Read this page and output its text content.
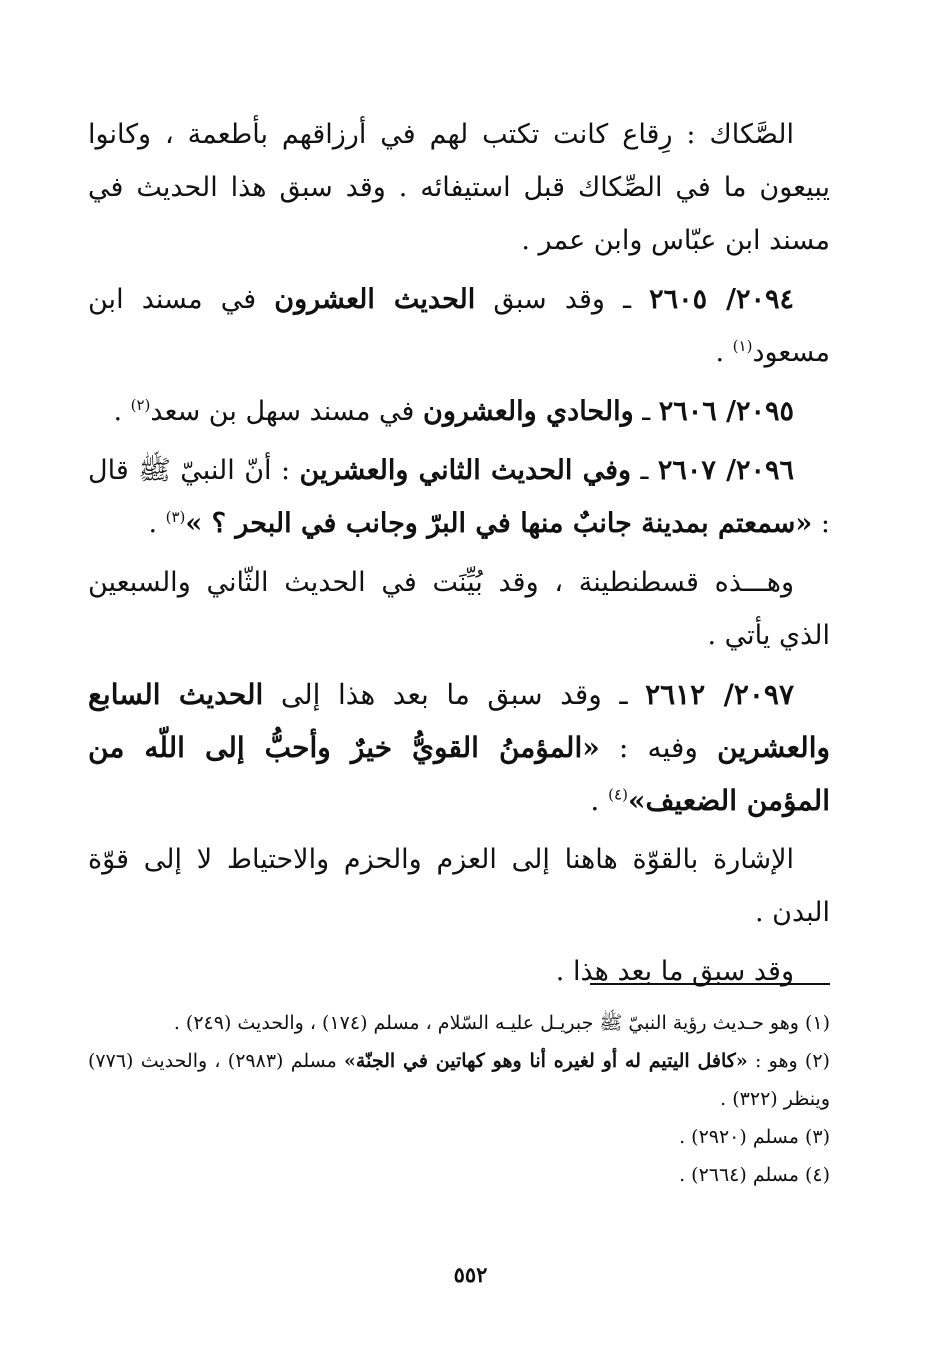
الصَّكاك : رِقاع كانت تكتب لهم في أرزاقهم بأطعمة ، وكانوا يبيعون ما في الصِّكاك قبل استيفائه . وقد سبق هذا الحديث في مسند ابن عبّاس وابن عمر .

٢٠٩٤/ ٢٦٠٥ ـ وقد سبق الحديث العشرون في مسند ابن مسعود$^{(١)}$ .

٢٠٩٥/ ٢٦٠٦ ـ والحادي والعشرون في مسند سهل بن سعد$^{(٢)}$ .

٢٠٩٦/ ٢٦٠٧ ـ وفي الحديث الثاني والعشرين : أنّ النبيّ ﷺ قال : «سمعتم بمدينة جانبٌ منها في البرّ وجانب في البحر ؟ »$^{(٣)}$ .

وهـــذه قسطنطينة ، وقد بُيِّنَت في الحديث الثّاني والسبعين الذي يأتي .

٢٠٩٧/ ٢٦١٢ ـ وقد سبق ما بعد هذا إلى الحديث السابع والعشرين وفيه : «المؤمنُ القويُّ خيرٌ وأحبُّ إلى اللّه من المؤمن الضعيف»$^{(٤)}$ .

الإشارة بالقوّة هاهنا إلى العزم والحزم والاحتياط لا إلى قوّة البدن .

وقد سبق ما بعد هذا .

(١) وهو حـديث رؤية النبيّ ﷺ جبريـل عليـه السّلام ، مسلم (١٧٤) ، والحديث (٢٤٩) .

(٢) وهو : «كافل اليتيم له أو لغيره أنا وهو كهاتين في الجنّة» مسلم (٢٩٨٣) ، والحديث (٧٧٦) وينظر (٣٢٢) .

(٣) مسلم (٢٩٢٠) .

(٤) مسلم (٢٦٦٤) .

٥٥٢
